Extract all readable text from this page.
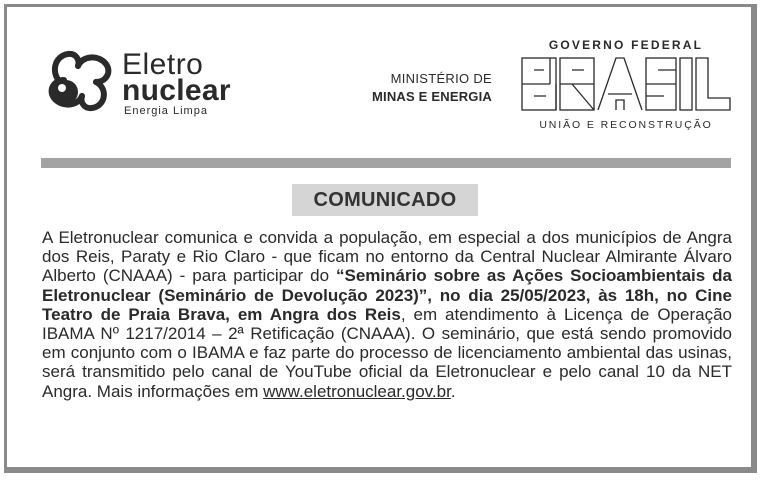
Eletro
nuclear
Energia Limpa
MINISTÉRIO DE
MINAS E ENERGIA
GOVERNO FEDERAL
UNIÃO E RECONSTRUÇÃO
COMUNICADO
A Eletronuclear comunica e convida a população, em especial a dos municípios de Angra dos Reis, Paraty e Rio Claro - que ficam no entorno da Central Nuclear Almirante Álvaro Alberto (CNAAA) - para participar do “Seminário sobre as Ações Socioambientais da Eletronuclear (Seminário de Devolução 2023)”, no dia 25/05/2023, às 18h, no Cine Teatro de Praia Brava, em Angra dos Reis, em atendimento à Licença de Operação IBAMA Nº 1217/2014 – 2ª Retificação (CNAAA). O seminário, que está sendo promovido em conjunto com o IBAMA e faz parte do processo de licenciamento ambiental das usinas, será transmitido pelo canal de YouTube oficial da Eletronuclear e pelo canal 10 da NET Angra. Mais informações em www.eletronuclear.gov.br.
